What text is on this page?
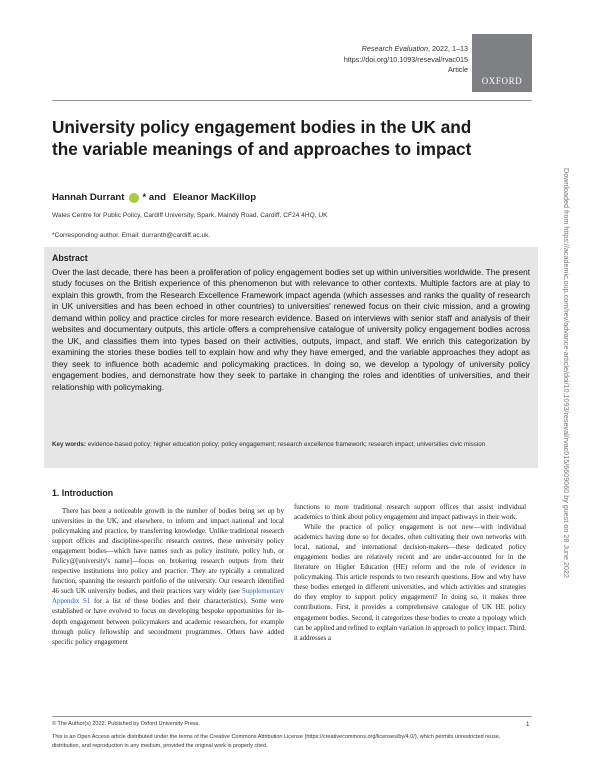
Research Evaluation, 2022, 1–13
https://doi.org/10.1093/reseval/rvac015
Article
OXFORD
University policy engagement bodies in the UK and the variable meanings of and approaches to impact
Hannah Durrant * and Eleanor MacKillop
Wales Centre for Public Policy, Cardiff University, Spark, Maindy Road, Cardiff, CF24 4HQ, UK
*Corresponding author. Email: durranth@cardiff.ac.uk.
Abstract
Over the last decade, there has been a proliferation of policy engagement bodies set up within universities worldwide. The present study focuses on the British experience of this phenomenon but with relevance to other contexts. Multiple factors are at play to explain this growth, from the Research Excellence Framework impact agenda (which assesses and ranks the quality of research in UK universities and has been echoed in other countries) to universities' renewed focus on their civic mission, and a growing demand within policy and practice circles for more research evidence. Based on interviews with senior staff and analysis of their websites and documentary outputs, this article offers a comprehensive catalogue of university policy engagement bodies across the UK, and classifies them into types based on their activities, outputs, impact, and staff. We enrich this categorization by examining the stories these bodies tell to explain how and why they have emerged, and the variable approaches they adopt as they seek to influence both academic and policymaking practices. In doing so, we develop a typology of university policy engagement bodies, and demonstrate how they seek to partake in changing the roles and identities of universities, and their relationship with policymaking.
Key words: evidence-based policy; higher education policy; policy engagement; research excellence framework; research impact; universities civic mission
1. Introduction

There has been a noticeable growth in the number of bodies being set up by universities in the UK, and elsewhere, to inform and impact national and local policymaking and practice, by transferring knowledge. Unlike traditional research support offices and discipline-specific research centres, these university policy engagement bodies—which have names such as policy institute, policy hub, or Policy@[university's name]—focus on brokering research outputs from their respective institutions into policy and practice. They are typically a centralized function, spanning the research portfolio of the university. Our research identified 46 such UK university bodies, and their practices vary widely (see Supplementary Appendix S1 for a list of these bodies and their characteristics). Some were established or have evolved to focus on developing bespoke opportunities for in-depth engagement between policymakers and academic researchers, for example through policy fellowship and secondment programmes. Others have added specific policy engagement

functions to more traditional research support offices that assist individual academics to think about policy engagement and impact pathways in their work.

While the practice of policy engagement is not new—with individual academics having done so for decades, often cultivating their own networks with local, national, and international decision-makers—these dedicated policy engagement bodies are relatively recent and are under-accounted for in the literature on Higher Education (HE) reform and the role of evidence in policymaking. This article responds to two research questions. How and why have these bodies emerged in different universities, and which activities and strategies do they employ to support policy engagement? In doing so, it makes three contributions. First, it provides a comprehensive catalogue of UK HE policy engagement bodies. Second, it categorizes these bodies to create a typology which can be applied and refined to explain variation in approach to policy impact. Third, it addresses a

© The Author(s) 2022. Published by Oxford University Press.	1
This is an Open Access article distributed under the terms of the Creative Commons Attribution License (https://creativecommons.org/licenses/by/4.0/), which permits unrestricted reuse, distribution, and reproduction in any medium, provided the original work is properly cited.
Downloaded from https://academic.oup.com/rev/advance-article/doi/10.1093/reseval/rvac015/6609060 by guest on 28 June 2022
